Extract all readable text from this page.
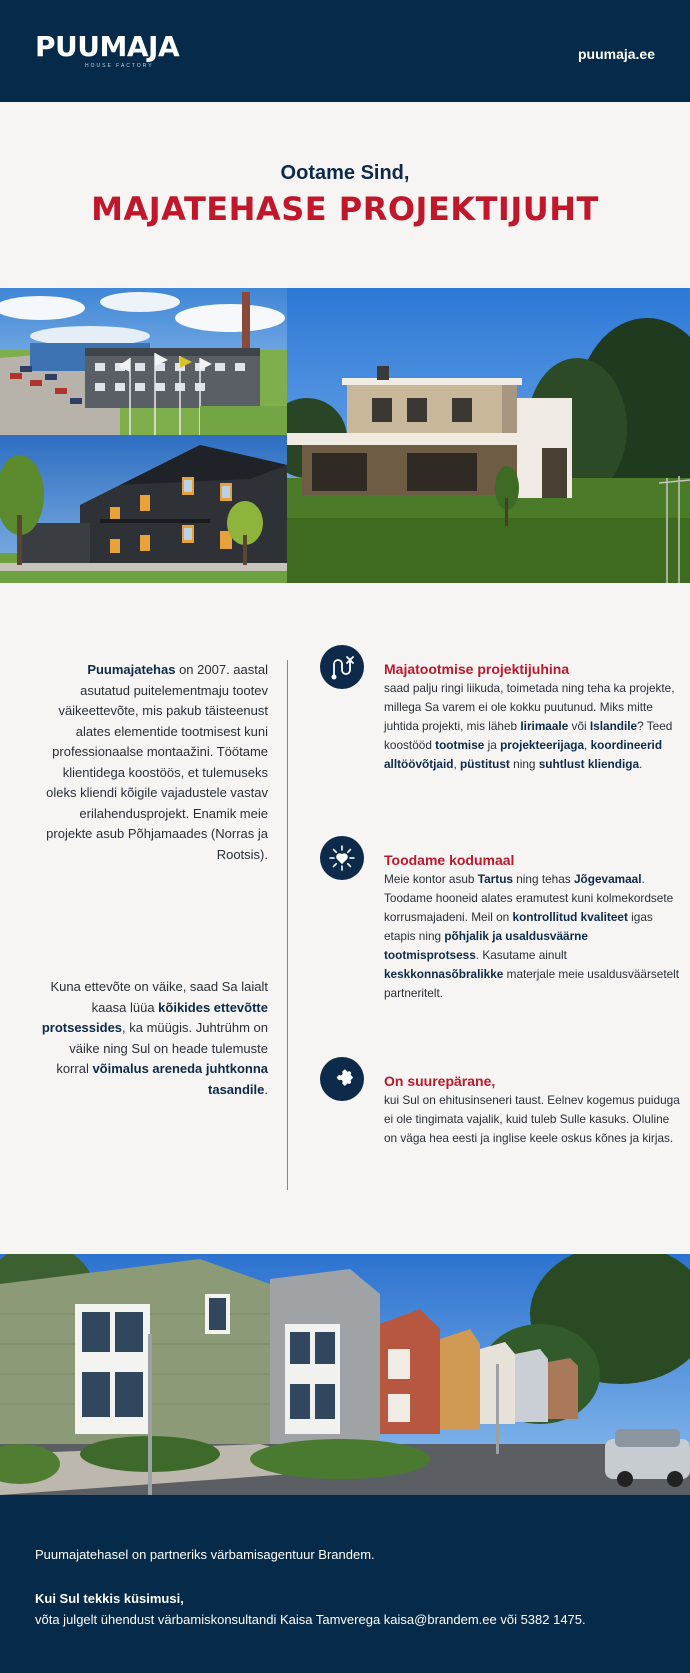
PUUMAJA
HOUSE FACTORY
puumaja.ee
Ootame Sind,
MAJATEHASE PROJEKTIJUHT
Puumajatehas on 2007. aastal asutatud puitelementmaju tootev väikeettevõte, mis pakub täisteenust alates elementide tootmisest kuni professionaalse montaažini. Töötame klientidega koostöös, et tulemuseks oleks kliendi kõigile vajadustele vastav erilahendusprojekt. Enamik meie projekte asub Põhjamaades (Norras ja Rootsis).
Kuna ettevõte on väike, saad Sa laialt kaasa lüüa kõikides ettevõtte protsessides, ka müügis. Juhtrühm on väike ning Sul on heade tulemuste korral võimalus areneda juhtkonna tasandile.
Majatootmise projektijuhina
saad palju ringi liikuda, toimetada ning teha ka projekte, millega Sa varem ei ole kokku puutunud. Miks mitte juhtida projekti, mis läheb Iirimaale või Islandile? Teed koostööd tootmise ja projekteerijaga, koordineerid alltöövõtjaid, püstitust ning suhtlust kliendiga.
Toodame kodumaal
Meie kontor asub Tartus ning tehas Jõgevamaal. Toodame hooneid alates eramutest kuni kolmekordsete korrusmajadeni. Meil on kontrollitud kvaliteet igas etapis ning põhjalik ja usaldusväärne tootmisprotsess. Kasutame ainult keskkonnasõbralikke materjale meie usaldusväärsetelt partneritelt.
On suurepärane,
kui Sul on ehitusinseneri taust. Eelnev kogemus puiduga ei ole tingimata vajalik, kuid tuleb Sulle kasuks. Oluline on väga hea eesti ja inglise keele oskus kõnes ja kirjas.
Puumajatehasel on partneriks värbamisagentuur Brandem.
Kui Sul tekkis küsimusi,
võta julgelt ühendust värbamiskonsultandi Kaisa Tamverega kaisa@brandem.ee või 5382 1475.
